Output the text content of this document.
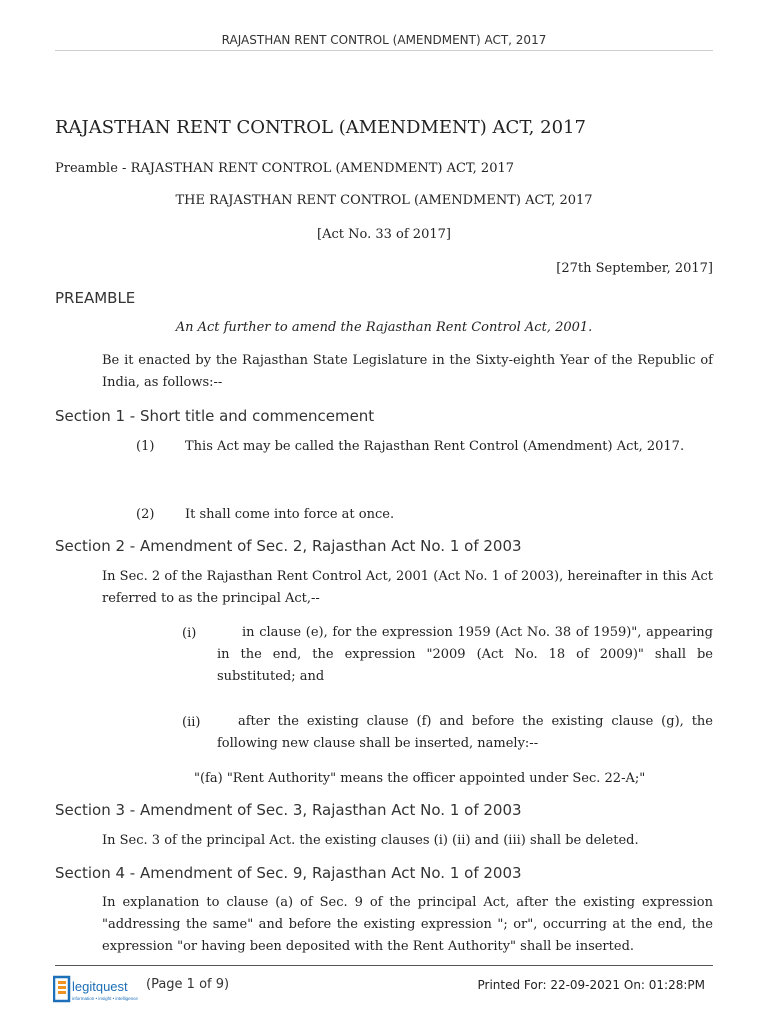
RAJASTHAN RENT CONTROL (AMENDMENT) ACT, 2017
RAJASTHAN RENT CONTROL (AMENDMENT) ACT, 2017
Preamble - RAJASTHAN RENT CONTROL (AMENDMENT) ACT, 2017
THE RAJASTHAN RENT CONTROL (AMENDMENT) ACT, 2017
[Act No. 33 of 2017]
[27th September, 2017]
PREAMBLE
An Act further to amend the Rajasthan Rent Control Act, 2001.
Be it enacted by the Rajasthan State Legislature in the Sixty-eighth Year of the Republic of India, as follows:--
Section 1 - Short title and commencement
(1) This Act may be called the Rajasthan Rent Control (Amendment) Act, 2017.
(2) It shall come into force at once.
Section 2 - Amendment of Sec. 2, Rajasthan Act No. 1 of 2003
In Sec. 2 of the Rajasthan Rent Control Act, 2001 (Act No. 1 of 2003), hereinafter in this Act referred to as the principal Act,--
(i)	in clause (e), for the expression 1959 (Act No. 38 of 1959)", appearing in the end, the expression "2009 (Act No. 18 of 2009)" shall be substituted; and
(ii)	after the existing clause (f) and before the existing clause (g), the following new clause shall be inserted, namely:--
"(fa) "Rent Authority" means the officer appointed under Sec. 22-A;"
Section 3 - Amendment of Sec. 3, Rajasthan Act No. 1 of 2003
In Sec. 3 of the principal Act. the existing clauses (i) (ii) and (iii) shall be deleted.
Section 4 - Amendment of Sec. 9, Rajasthan Act No. 1 of 2003
In explanation to clause (a) of Sec. 9 of the principal Act, after the existing expression "addressing the same" and before the existing expression "; or", occurring at the end, the expression "or having been deposited with the Rent Authority" shall be inserted.
legitquest
information • insight • intelligence
(Page 1 of 9)	Printed For: 22-09-2021 On: 01:28:PM
